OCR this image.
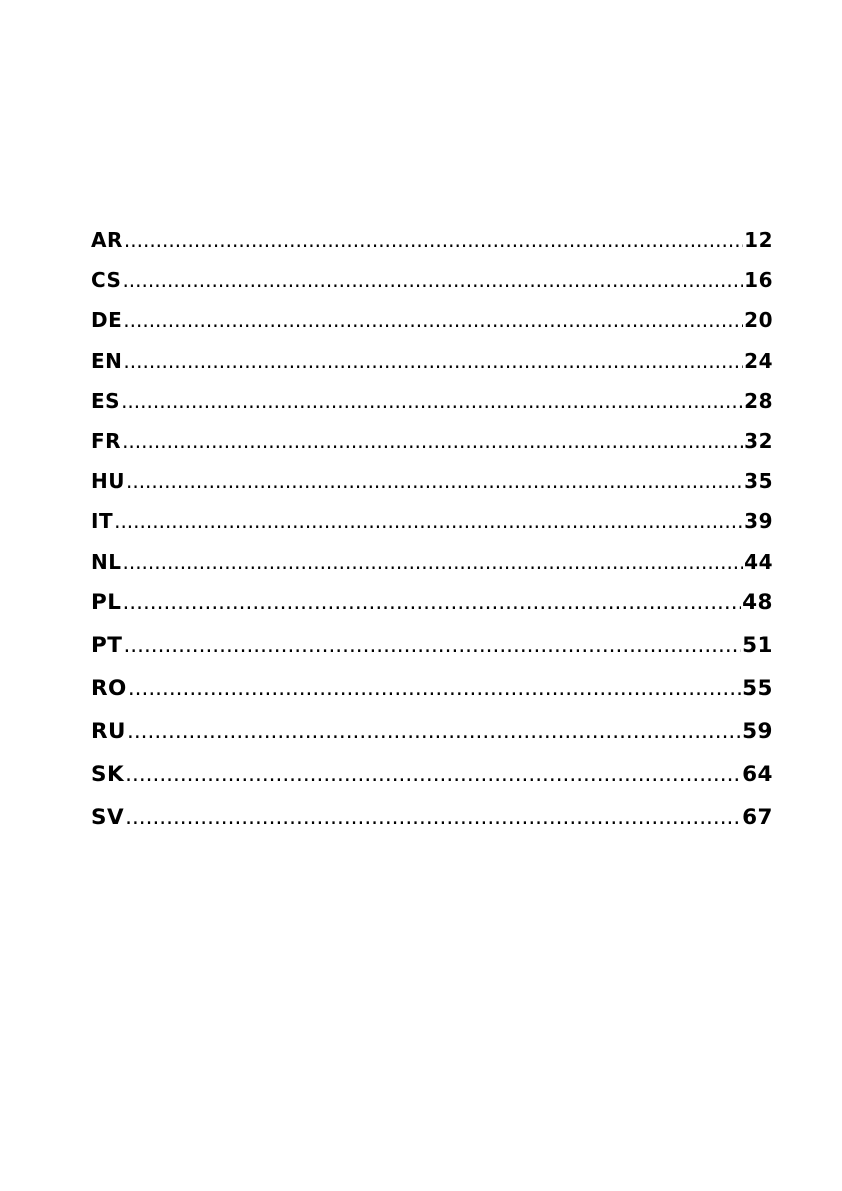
AR .....	12
CS .....	16
DE .....	20
EN .....	24
ES .....	28
FR .....	32
HU .....	35
IT .....	39
NL .....	44
PL .....	48
PT .....	51
RO .....	55
RU .....	59
SK .....	64
SV .....	67
